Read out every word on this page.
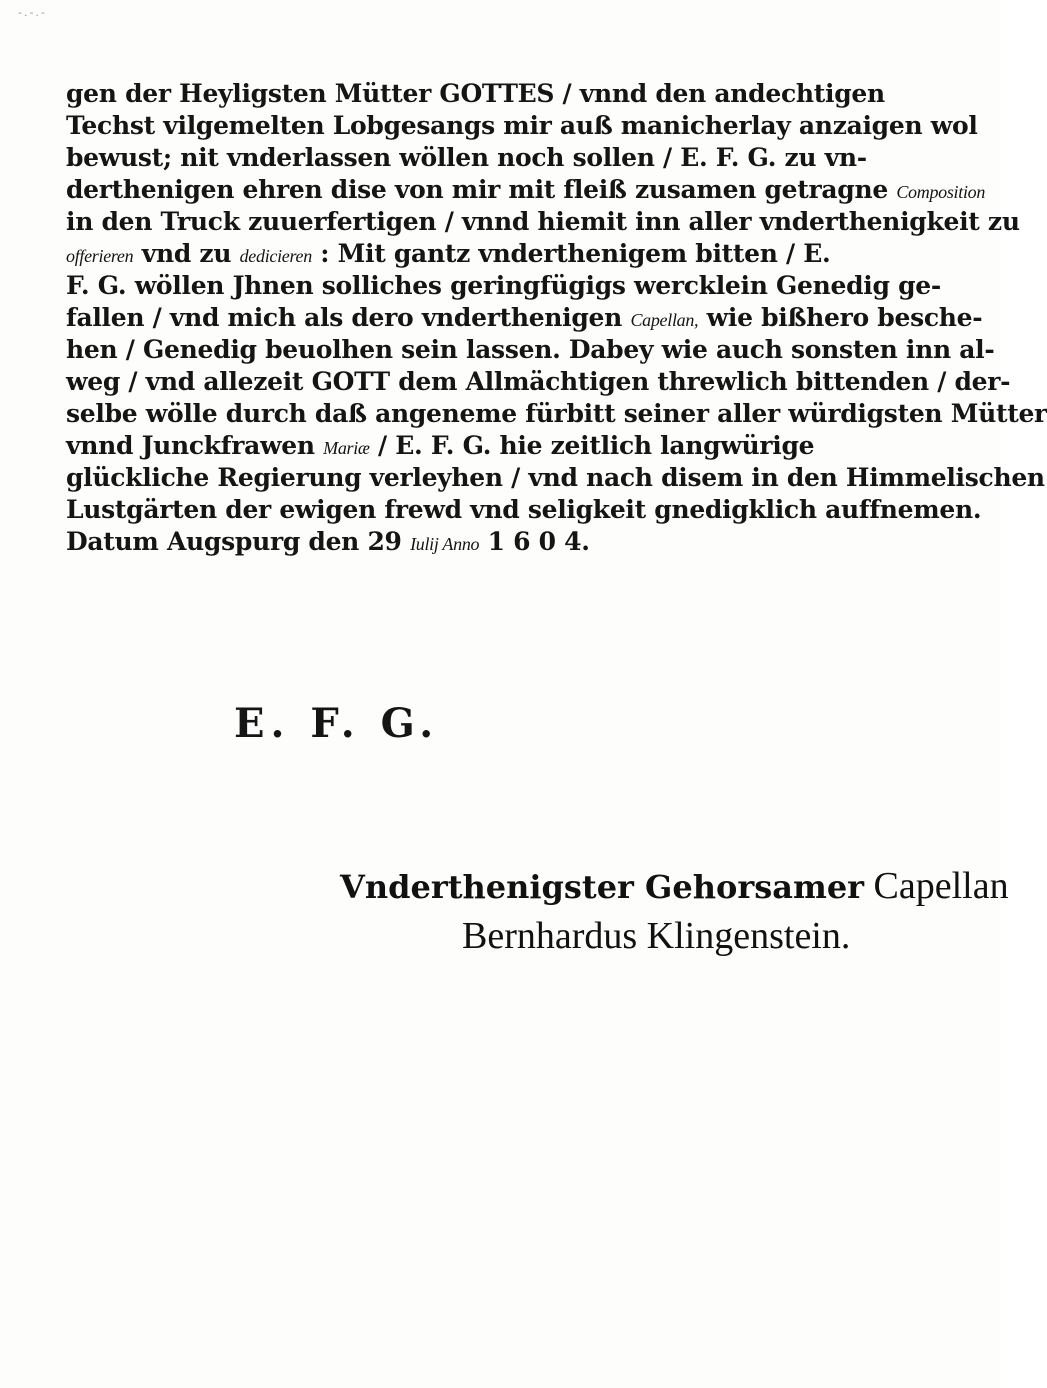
-.-.-
gen der Heyligsten Mütter GOTTES / vnnd den andechtigen
Techst vilgemelten Lobgesangs mir auß manicherlay anzaigen wol
bewust; nit vnderlassen wöllen noch sollen / E. F. G. zu vn-
derthenigen ehren dise von mir mit fleiß zusamen getragne Composition
in den Truck zuuerfertigen / vnnd hiemit inn aller vnderthenigkeit zu
offerieren vnd zu dedicieren : Mit gantz vnderthenigem bitten / E.
F. G. wöllen Jhnen solliches geringfügigs wercklein Genedig ge-
fallen / vnd mich als dero vnderthenigen Capellan, wie bißhero besche-
hen / Genedig beuolhen sein lassen. Dabey wie auch sonsten inn al-
weg / vnd allezeit GOTT dem Allmächtigen threwlich bittenden / der-
selbe wölle durch daß angeneme fürbitt seiner aller würdigsten Mütter
vnnd Junckfrawen Mariæ / E. F. G. hie zeitlich langwürige
glückliche Regierung verleyhen / vnd nach disem in den Himmelischen
Lustgärten der ewigen frewd vnd seligkeit gnedigklich auffnemen.
Datum Augspurg den 29 Iulij Anno 1 6 0 4.
E. F. G.
Vnderthenigster Gehorsamer Capellan
Bernhardus Klingenstein.
